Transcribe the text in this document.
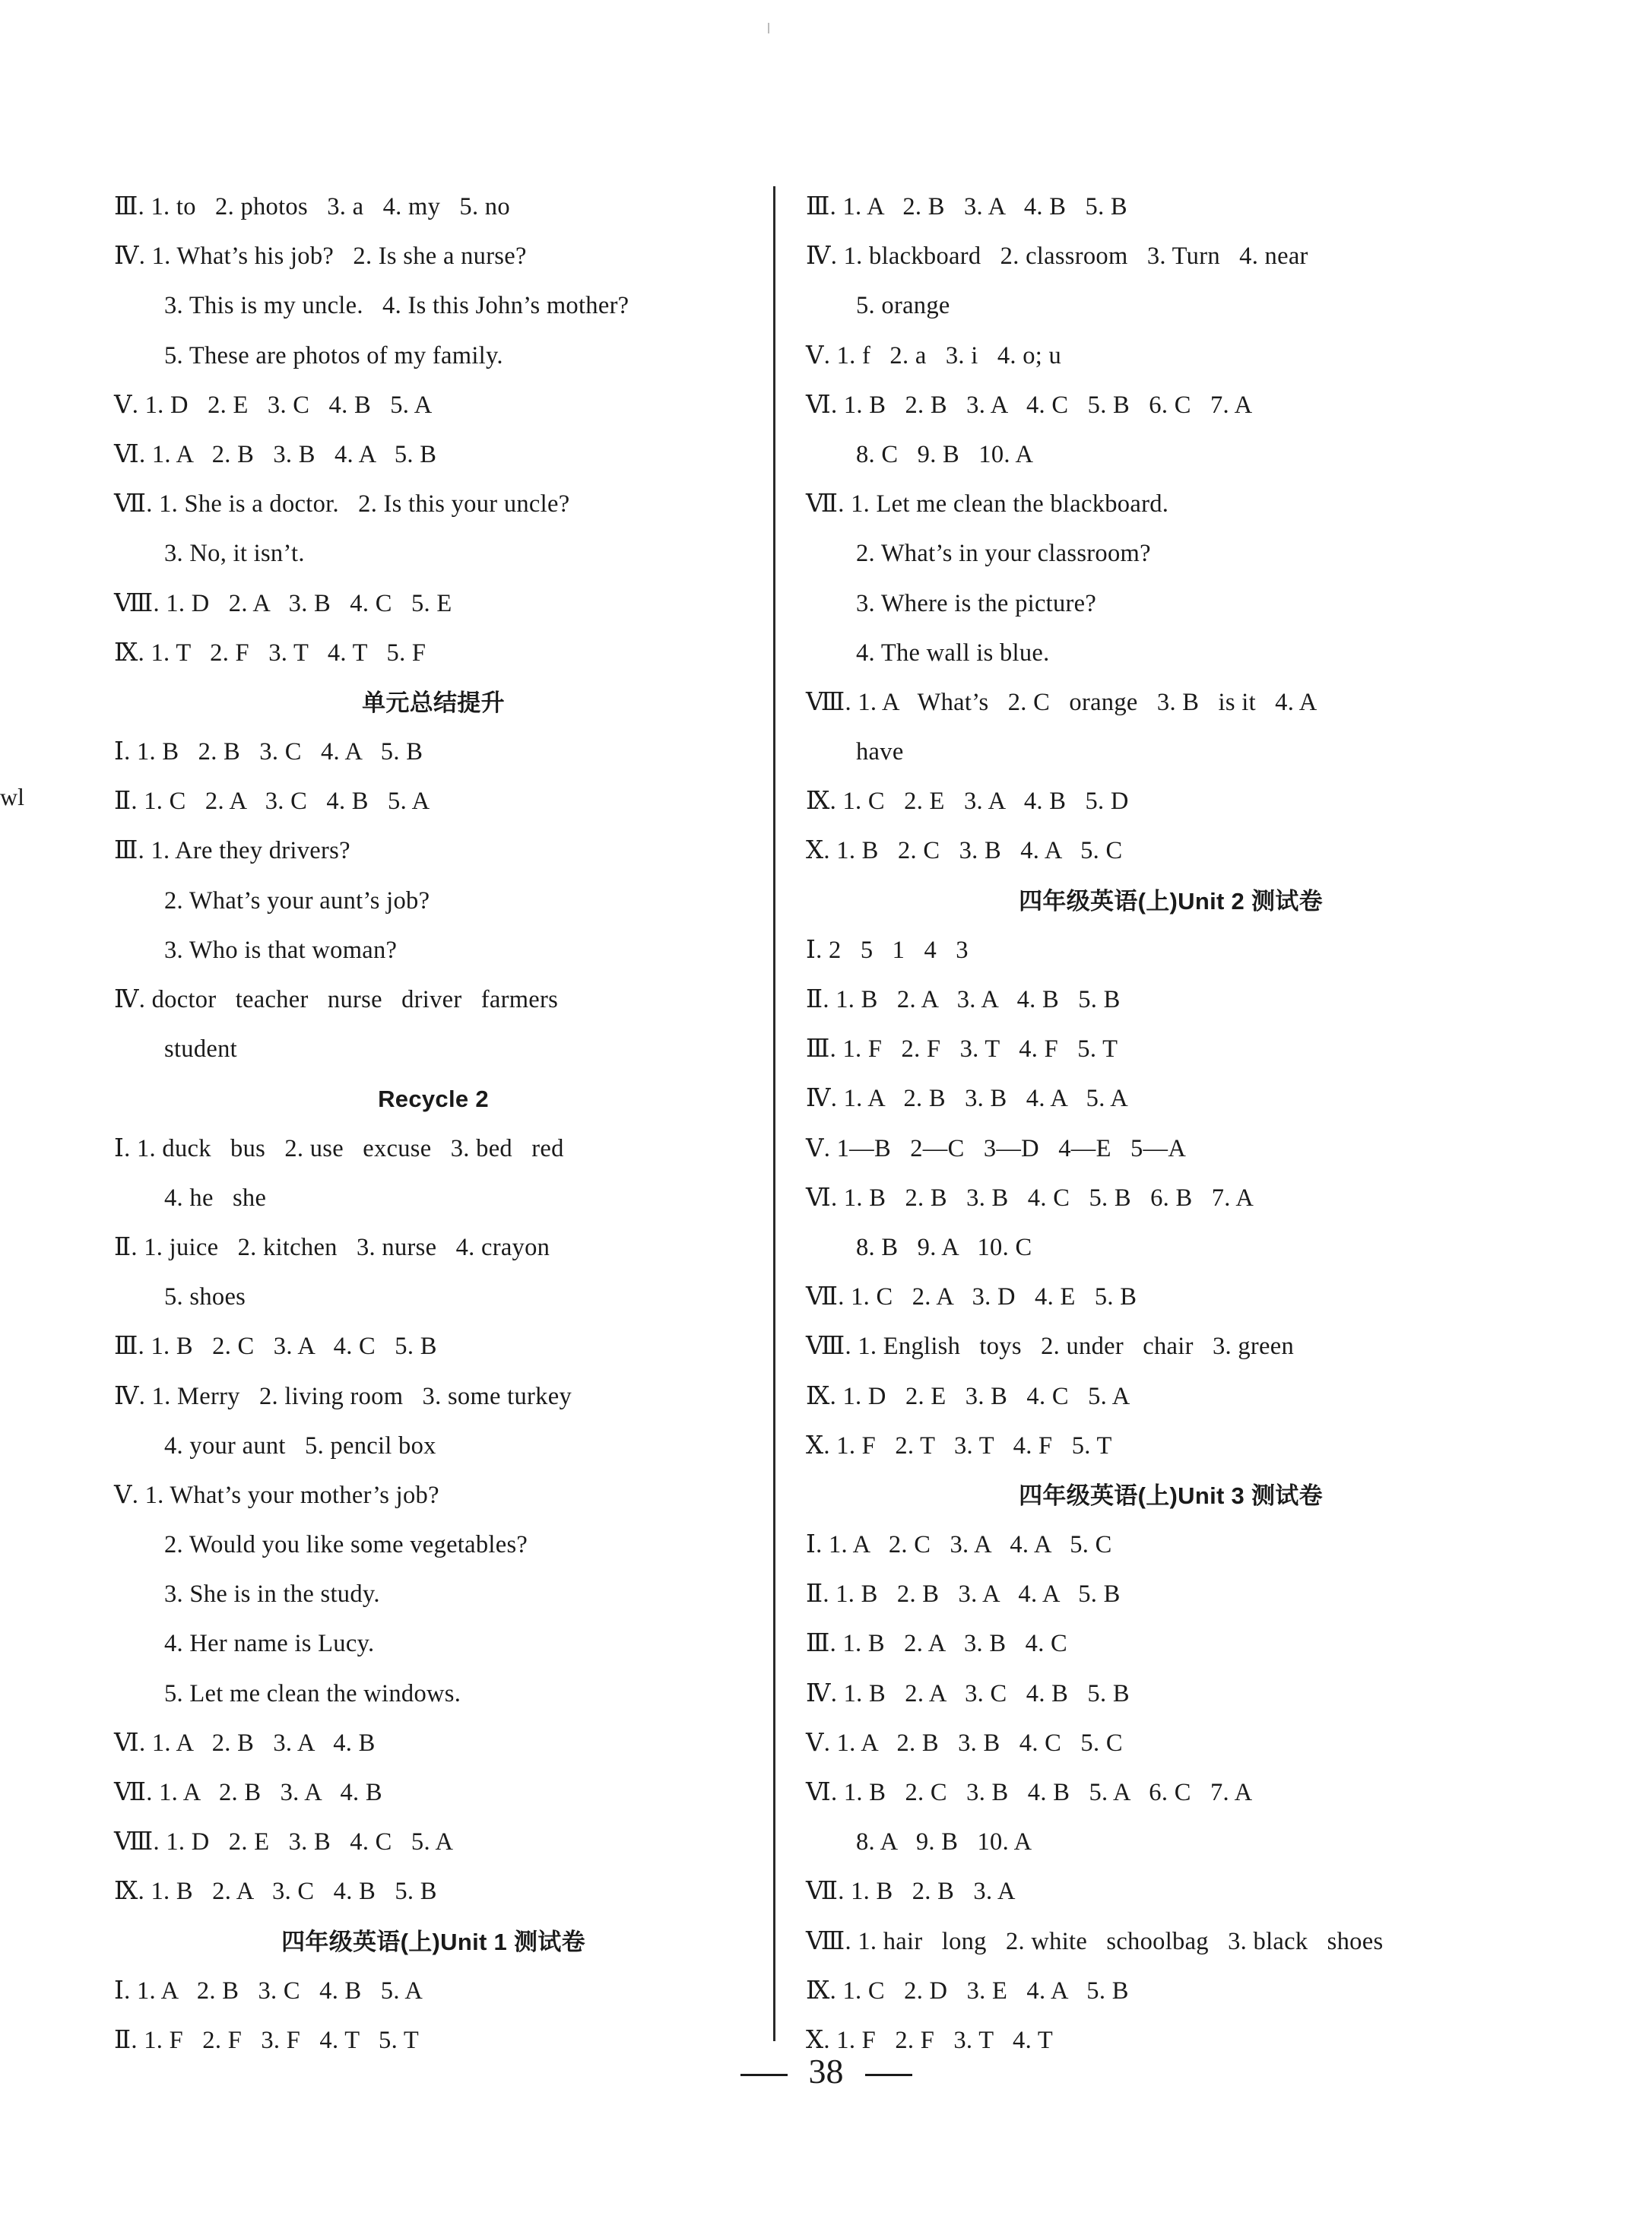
wl
Ⅲ. 1. to   2. photos   3. a   4. my   5. no
Ⅳ. 1. What’s his job?   2. Is she a nurse?
3. This is my uncle.   4. Is this John’s mother?
5. These are photos of my family.
Ⅴ. 1. D   2. E   3. C   4. B   5. A
Ⅵ. 1. A   2. B   3. B   4. A   5. B
Ⅶ. 1. She is a doctor.   2. Is this your uncle?
3. No, it isn’t.
Ⅷ. 1. D   2. A   3. B   4. C   5. E
Ⅸ. 1. T   2. F   3. T   4. T   5. F
单元总结提升
Ⅰ. 1. B   2. B   3. C   4. A   5. B
Ⅱ. 1. C   2. A   3. C   4. B   5. A
Ⅲ. 1. Are they drivers?
2. What’s your aunt’s job?
3. Who is that woman?
Ⅳ. doctor   teacher   nurse   driver   farmers
student
Recycle 2
Ⅰ. 1. duck   bus   2. use   excuse   3. bed   red
4. he   she
Ⅱ. 1. juice   2. kitchen   3. nurse   4. crayon
5. shoes
Ⅲ. 1. B   2. C   3. A   4. C   5. B
Ⅳ. 1. Merry   2. living room   3. some turkey
4. your aunt   5. pencil box
Ⅴ. 1. What’s your mother’s job?
2. Would you like some vegetables?
3. She is in the study.
4. Her name is Lucy.
5. Let me clean the windows.
Ⅵ. 1. A   2. B   3. A   4. B
Ⅶ. 1. A   2. B   3. A   4. B
Ⅷ. 1. D   2. E   3. B   4. C   5. A
Ⅸ. 1. B   2. A   3. C   4. B   5. B
四年级英语(上)Unit 1 测试卷
Ⅰ. 1. A   2. B   3. C   4. B   5. A
Ⅱ. 1. F   2. F   3. F   4. T   5. T
Ⅲ. 1. A   2. B   3. A   4. B   5. B
Ⅳ. 1. blackboard   2. classroom   3. Turn   4. near
5. orange
Ⅴ. 1. f   2. a   3. i   4. o; u
Ⅵ. 1. B   2. B   3. A   4. C   5. B   6. C   7. A
8. C   9. B   10. A
Ⅶ. 1. Let me clean the blackboard.
2. What’s in your classroom?
3. Where is the picture?
4. The wall is blue.
Ⅷ. 1. A   What’s   2. C   orange   3. B   is it   4. A
have
Ⅸ. 1. C   2. E   3. A   4. B   5. D
Ⅹ. 1. B   2. C   3. B   4. A   5. C
四年级英语(上)Unit 2 测试卷
Ⅰ. 2   5   1   4   3
Ⅱ. 1. B   2. A   3. A   4. B   5. B
Ⅲ. 1. F   2. F   3. T   4. F   5. T
Ⅳ. 1. A   2. B   3. B   4. A   5. A
Ⅴ. 1—B   2—C   3—D   4—E   5—A
Ⅵ. 1. B   2. B   3. B   4. C   5. B   6. B   7. A
8. B   9. A   10. C
Ⅶ. 1. C   2. A   3. D   4. E   5. B
Ⅷ. 1. English   toys   2. under   chair   3. green
Ⅸ. 1. D   2. E   3. B   4. C   5. A
Ⅹ. 1. F   2. T   3. T   4. F   5. T
四年级英语(上)Unit 3 测试卷
Ⅰ. 1. A   2. C   3. A   4. A   5. C
Ⅱ. 1. B   2. B   3. A   4. A   5. B
Ⅲ. 1. B   2. A   3. B   4. C
Ⅳ. 1. B   2. A   3. C   4. B   5. B
Ⅴ. 1. A   2. B   3. B   4. C   5. C
Ⅵ. 1. B   2. C   3. B   4. B   5. A   6. C   7. A
8. A   9. B   10. A
Ⅶ. 1. B   2. B   3. A
Ⅷ. 1. hair   long   2. white   schoolbag   3. black   shoes
Ⅸ. 1. C   2. D   3. E   4. A   5. B
Ⅹ. 1. F   2. F   3. T   4. T
38
